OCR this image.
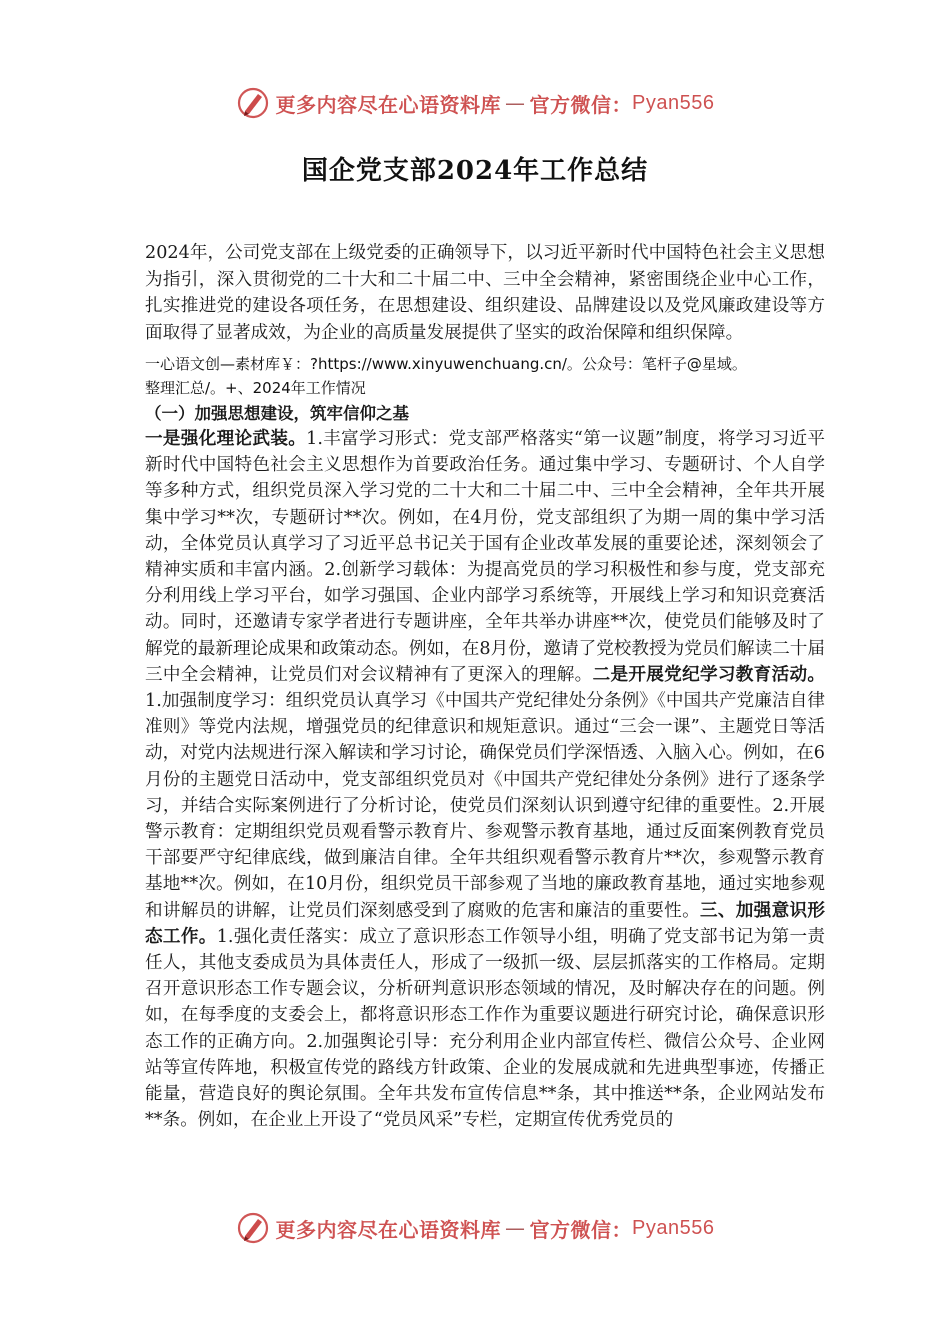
更多内容尽在心语资料库 — 官方微信： Pyan556
国企党支部2024年工作总结

2024年，公司党支部在上级党委的正确领导下，以习近平新时代中国特色社会主义思想为指引，深入贯彻党的二十大和二十届二中、三中全会精神，紧密围绕企业中心工作，扎实推进党的建设各项任务，在思想建设、组织建设、品牌建设以及党风廉政建设等方面取得了显著成效，为企业的高质量发展提供了坚实的政治保障和组织保障。

一心语文创—素材库￥：?https://www.xinyuwenchuang.cn/。公众号：笔杆子@星域。

整理汇总/。+、2024年工作情况

（一）加强思想建设，筑牢信仰之基

一是强化理论武装。1.丰富学习形式：党支部严格落实“第一议题”制度，将学习习近平新时代中国特色社会主义思想作为首要政治任务。通过集中学习、专题研讨、个人自学等多种方式，组织党员深入学习党的二十大和二十届二中、三中全会精神，全年共开展集中学习**次，专题研讨**次。例如，在4月份，党支部组织了为期一周的集中学习活动，全体党员认真学习了习近平总书记关于国有企业改革发展的重要论述，深刻领会了精神实质和丰富内涵。2.创新学习载体：为提高党员的学习积极性和参与度，党支部充分利用线上学习平台，如学习强国、企业内部学习系统等，开展线上学习和知识竞赛活动。同时，还邀请专家学者进行专题讲座，全年共举办讲座**次，使党员们能够及时了解党的最新理论成果和政策动态。例如，在8月份，邀请了党校教授为党员们解读二十届三中全会精神，让党员们对会议精神有了更深入的理解。二是开展党纪学习教育活动。1.加强制度学习：组织党员认真学习《中国共产党纪律处分条例》《中国共产党廉洁自律准则》等党内法规，增强党员的纪律意识和规矩意识。通过“三会一课”、主题党日等活动，对党内法规进行深入解读和学习讨论，确保党员们学深悟透、入脑入心。例如，在6月份的主题党日活动中，党支部组织党员对《中国共产党纪律处分条例》进行了逐条学习，并结合实际案例进行了分析讨论，使党员们深刻认识到遵守纪律的重要性。2.开展警示教育：定期组织党员观看警示教育片、参观警示教育基地，通过反面案例教育党员干部要严守纪律底线，做到廉洁自律。全年共组织观看警示教育片**次，参观警示教育基地**次。例如，在10月份，组织党员干部参观了当地的廉政教育基地，通过实地参观和讲解员的讲解，让党员们深刻感受到了腐败的危害和廉洁的重要性。三、加强意识形态工作。1.强化责任落实：成立了意识形态工作领导小组，明确了党支部书记为第一责任人，其他支委成员为具体责任人，形成了一级抓一级、层层抓落实的工作格局。定期召开意识形态工作专题会议，分析研判意识形态领域的情况，及时解决存在的问题。例如，在每季度的支委会上，都将意识形态工作作为重要议题进行研究讨论，确保意识形态工作的正确方向。2.加强舆论引导：充分利用企业内部宣传栏、微信公众号、企业网站等宣传阵地，积极宣传党的路线方针政策、企业的发展成就和先进典型事迹，传播正能量，营造良好的舆论氛围。全年共发布宣传信息**条，其中推送**条，企业网站发布**条。例如，在企业上开设了“党员风采”专栏，定期宣传优秀党员的

更多内容尽在心语资料库 — 官方微信： Pyan556
